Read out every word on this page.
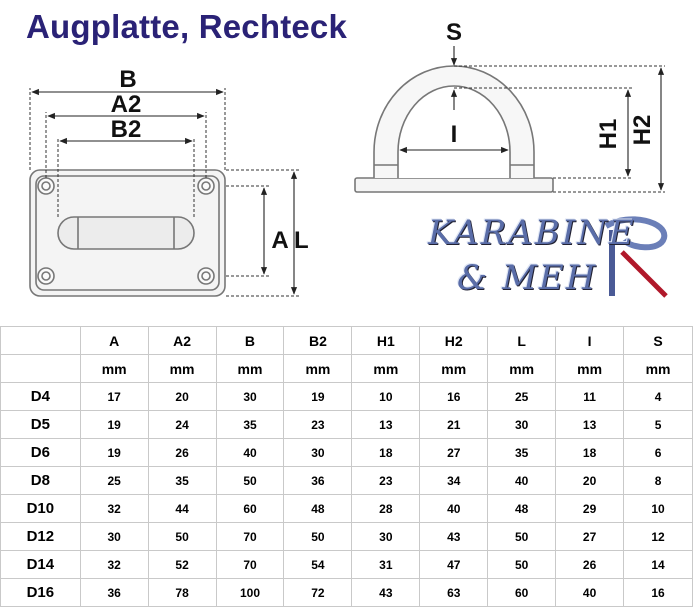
Augplatte, Rechteck
B
A2
B2
A L
S
I	H1 H2
KARABINE
& MEH
	A	A2	B	B2	H1	H2	L	I	S
	mm	mm	mm	mm	mm	mm	mm	mm	mm
D4	17	20	30	19	10	16	25	11	4
D5	19	24	35	23	13	21	30	13	5
D6	19	26	40	30	18	27	35	18	6
D8	25	35	50	36	23	34	40	20	8
D10	32	44	60	48	28	40	48	29	10
D12	30	50	70	50	30	43	50	27	12
D14	32	52	70	54	31	47	50	26	14
D16	36	78	100	72	43	63	60	40	16
